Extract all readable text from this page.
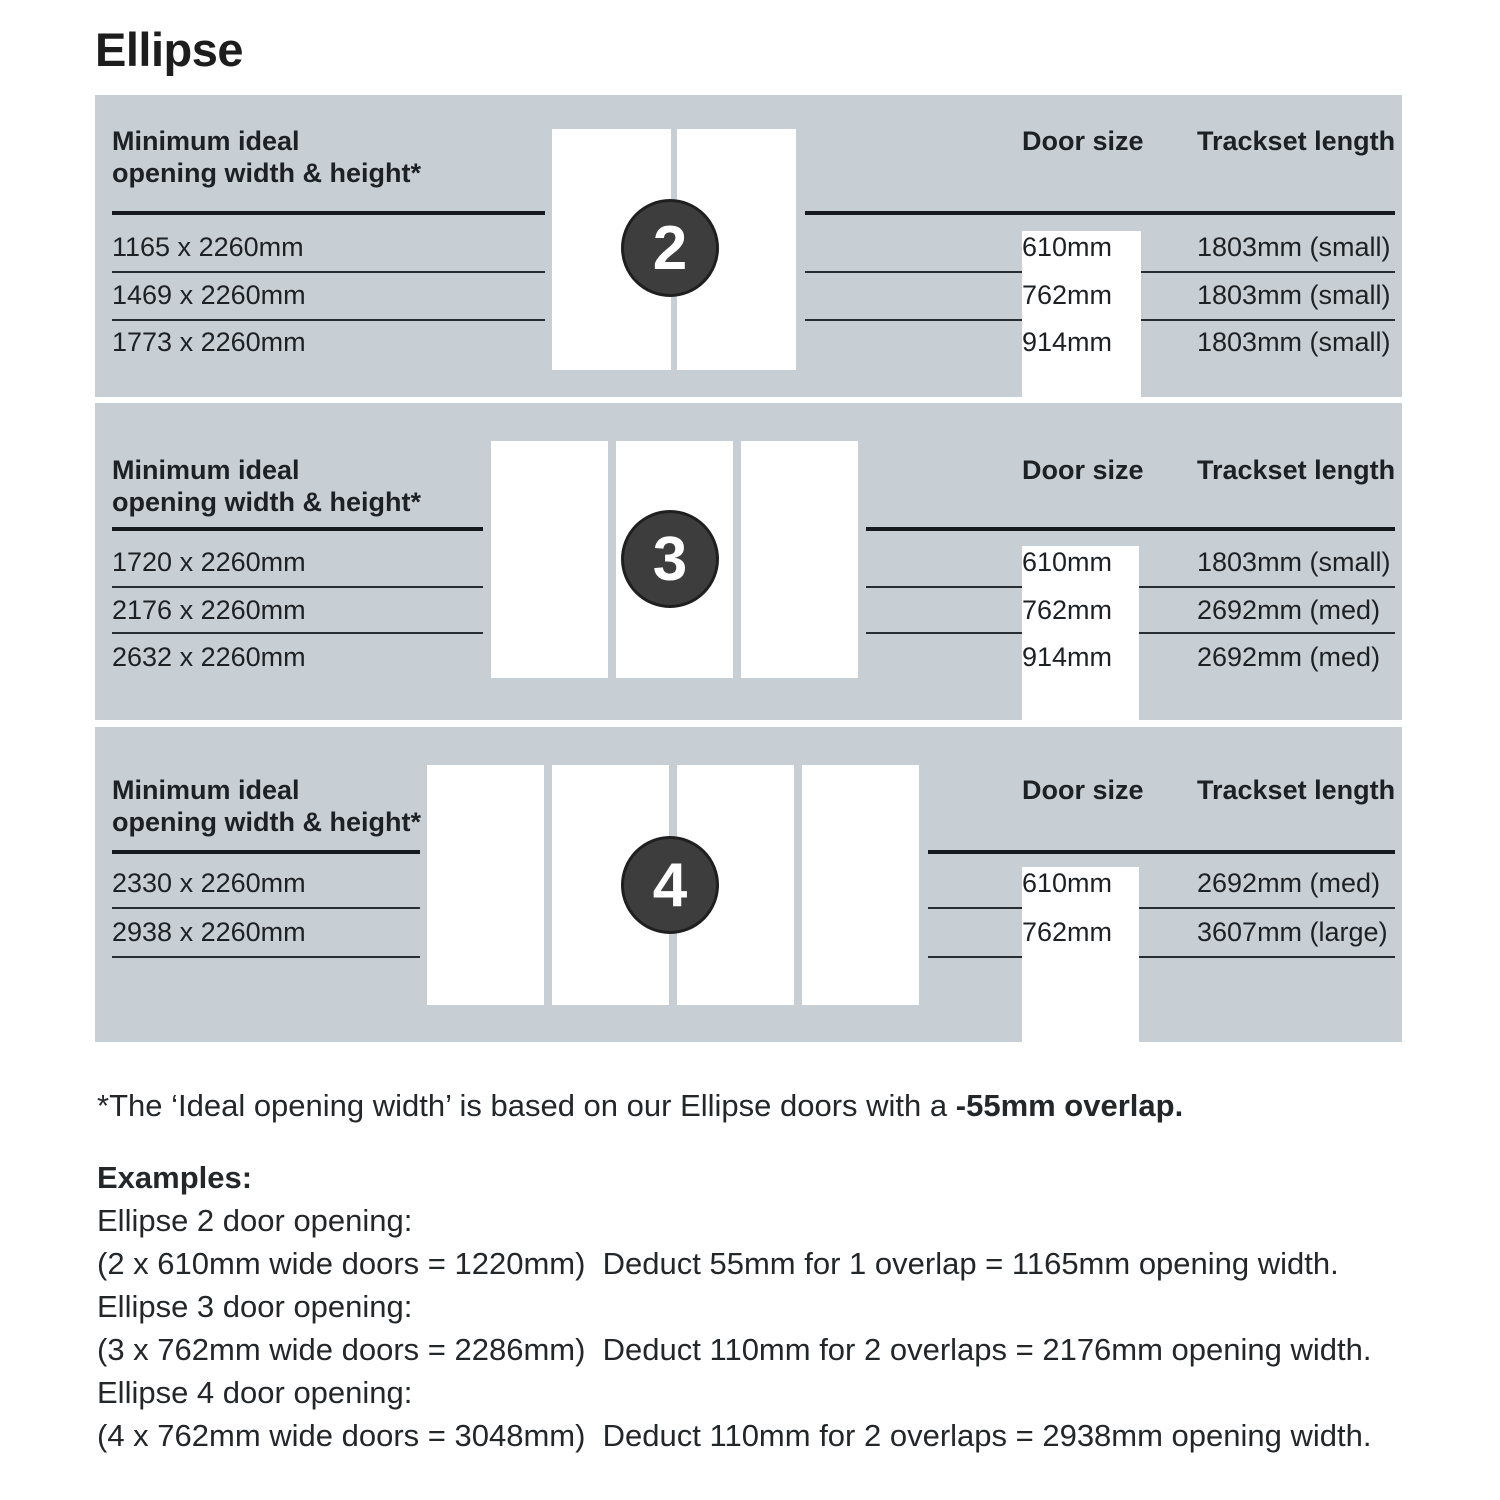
Ellipse
Minimum ideal
opening width & height*
Door size Trackset length
1165 x 2260mm
1469 x 2260mm
1773 x 2260mm
610mm
762mm
914mm
1803mm (small)
1803mm (small)
1803mm (small)
2
Minimum ideal
opening width & height*
Door size Trackset length
1720 x 2260mm
2176 x 2260mm
2632 x 2260mm
610mm
762mm
914mm
1803mm (small)
2692mm (med)
2692mm (med)
3
Minimum ideal
opening width & height*
Door size Trackset length
2330 x 2260mm
2938 x 2260mm
610mm
762mm
2692mm (med)
3607mm (large)
4
*The ‘Ideal opening width’ is based on our Ellipse doors with a -55mm overlap.
Examples:
Ellipse 2 door opening:
(2 x 610mm wide doors = 1220mm)  Deduct 55mm for 1 overlap = 1165mm opening width.
Ellipse 3 door opening:
(3 x 762mm wide doors = 2286mm)  Deduct 110mm for 2 overlaps = 2176mm opening width.
Ellipse 4 door opening:
(4 x 762mm wide doors = 3048mm)  Deduct 110mm for 2 overlaps = 2938mm opening width.
